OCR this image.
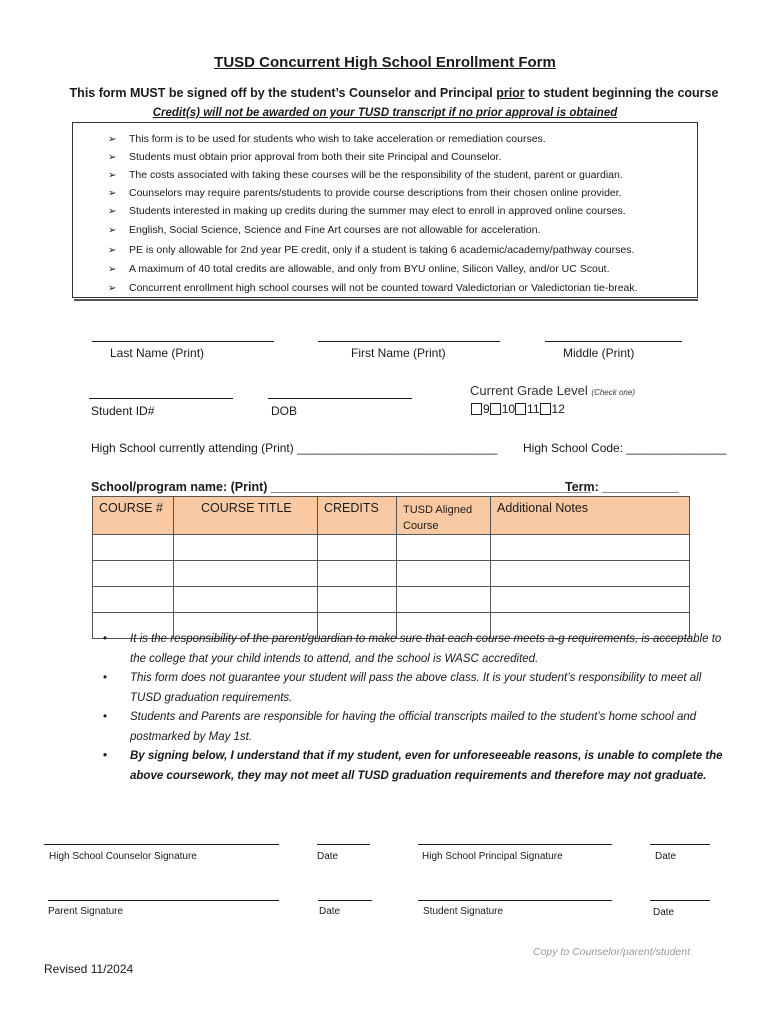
TUSD Concurrent High School Enrollment Form
This form MUST be signed off by the student’s Counselor and Principal prior to student beginning the course
Credit(s) will not be awarded on your TUSD transcript if no prior approval is obtained
➢ This form is to be used for students who wish to take acceleration or remediation courses.
➢ Students must obtain prior approval from both their site Principal and Counselor.
➢ The costs associated with taking these courses will be the responsibility of the student, parent or guardian.
➢ Counselors may require parents/students to provide course descriptions from their chosen online provider.
➢ Students interested in making up credits during the summer may elect to enroll in approved online courses.
➢ English, Social Science, Science and Fine Art courses are not allowable for acceleration.
➢ PE is only allowable for 2nd year PE credit, only if a student is taking 6 academic/academy/pathway courses.
➢ A maximum of 40 total credits are allowable, and only from BYU online, Silicon Valley, and/or UC Scout.
➢ Concurrent enrollment high school courses will not be counted toward Valedictorian or Valedictorian tie-break.
Last Name (Print)	First Name (Print)	Middle (Print)
Student ID#	DOB
Current Grade Level (Check one)
9 10 11 12
High School currently attending (Print) ______________________________ High School Code: _______________
School/program name: (Print) ______________________________________________
Term: ___________
COURSE #	COURSE TITLE	CREDITS	TUSD Aligned Course	Additional Notes

• It is the responsibility of the parent/guardian to make sure that each course meets a-g requirements, is acceptable to the college that your child intends to attend, and the school is WASC accredited.
• This form does not guarantee your student will pass the above class. It is your student’s responsibility to meet all TUSD graduation requirements.
• Students and Parents are responsible for having the official transcripts mailed to the student’s home school and postmarked by May 1st.
• By signing below, I understand that if my student, even for unforeseeable reasons, is unable to complete the above coursework, they may not meet all TUSD graduation requirements and therefore may not graduate.
High School Counselor Signature	Date	High School Principal Signature	Date
Parent Signature	Date	Student Signature	Date
Copy to Counselor/parent/student
Revised 11/2024
